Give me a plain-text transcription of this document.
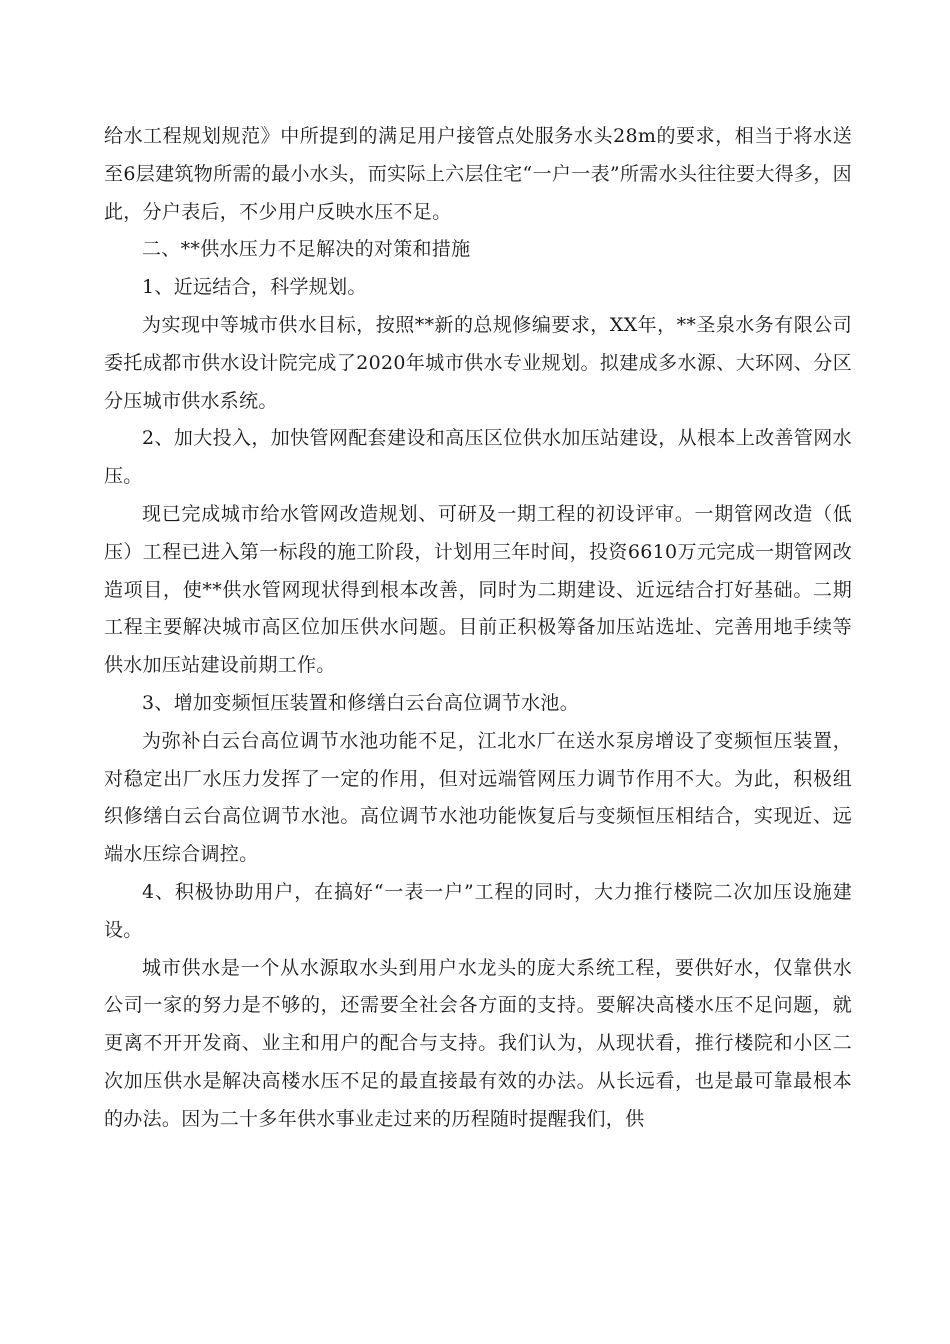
给水工程规划规范》中所提到的满足用户接管点处服务水头28m的要求，相当于将水送至6层建筑物所需的最小水头，而实际上六层住宅“一户一表”所需水头往往要大得多，因此，分户表后，不少用户反映水压不足。

二、**供水压力不足解决的对策和措施

1、近远结合，科学规划。

为实现中等城市供水目标，按照**新的总规修编要求，XX年，**圣泉水务有限公司委托成都市供水设计院完成了2020年城市供水专业规划。拟建成多水源、大环网、分区分压城市供水系统。

2、加大投入，加快管网配套建设和高压区位供水加压站建设，从根本上改善管网水压。

现已完成城市给水管网改造规划、可研及一期工程的初设评审。一期管网改造（低压）工程已进入第一标段的施工阶段，计划用三年时间，投资6610万元完成一期管网改造项目，使**供水管网现状得到根本改善，同时为二期建设、近远结合打好基础。二期工程主要解决城市高区位加压供水问题。目前正积极筹备加压站选址、完善用地手续等供水加压站建设前期工作。

3、增加变频恒压装置和修缮白云台高位调节水池。

为弥补白云台高位调节水池功能不足，江北水厂在送水泵房增设了变频恒压装置，对稳定出厂水压力发挥了一定的作用，但对远端管网压力调节作用不大。为此，积极组织修缮白云台高位调节水池。高位调节水池功能恢复后与变频恒压相结合，实现近、远端水压综合调控。

4、积极协助用户，在搞好“一表一户”工程的同时，大力推行楼院二次加压设施建设。

城市供水是一个从水源取水头到用户水龙头的庞大系统工程，要供好水，仅靠供水公司一家的努力是不够的，还需要全社会各方面的支持。要解决高楼水压不足问题，就更离不开开发商、业主和用户的配合与支持。我们认为，从现状看，推行楼院和小区二次加压供水是解决高楼水压不足的最直接最有效的办法。从长远看，也是最可靠最根本的办法。因为二十多年供水事业走过来的历程随时提醒我们，供
